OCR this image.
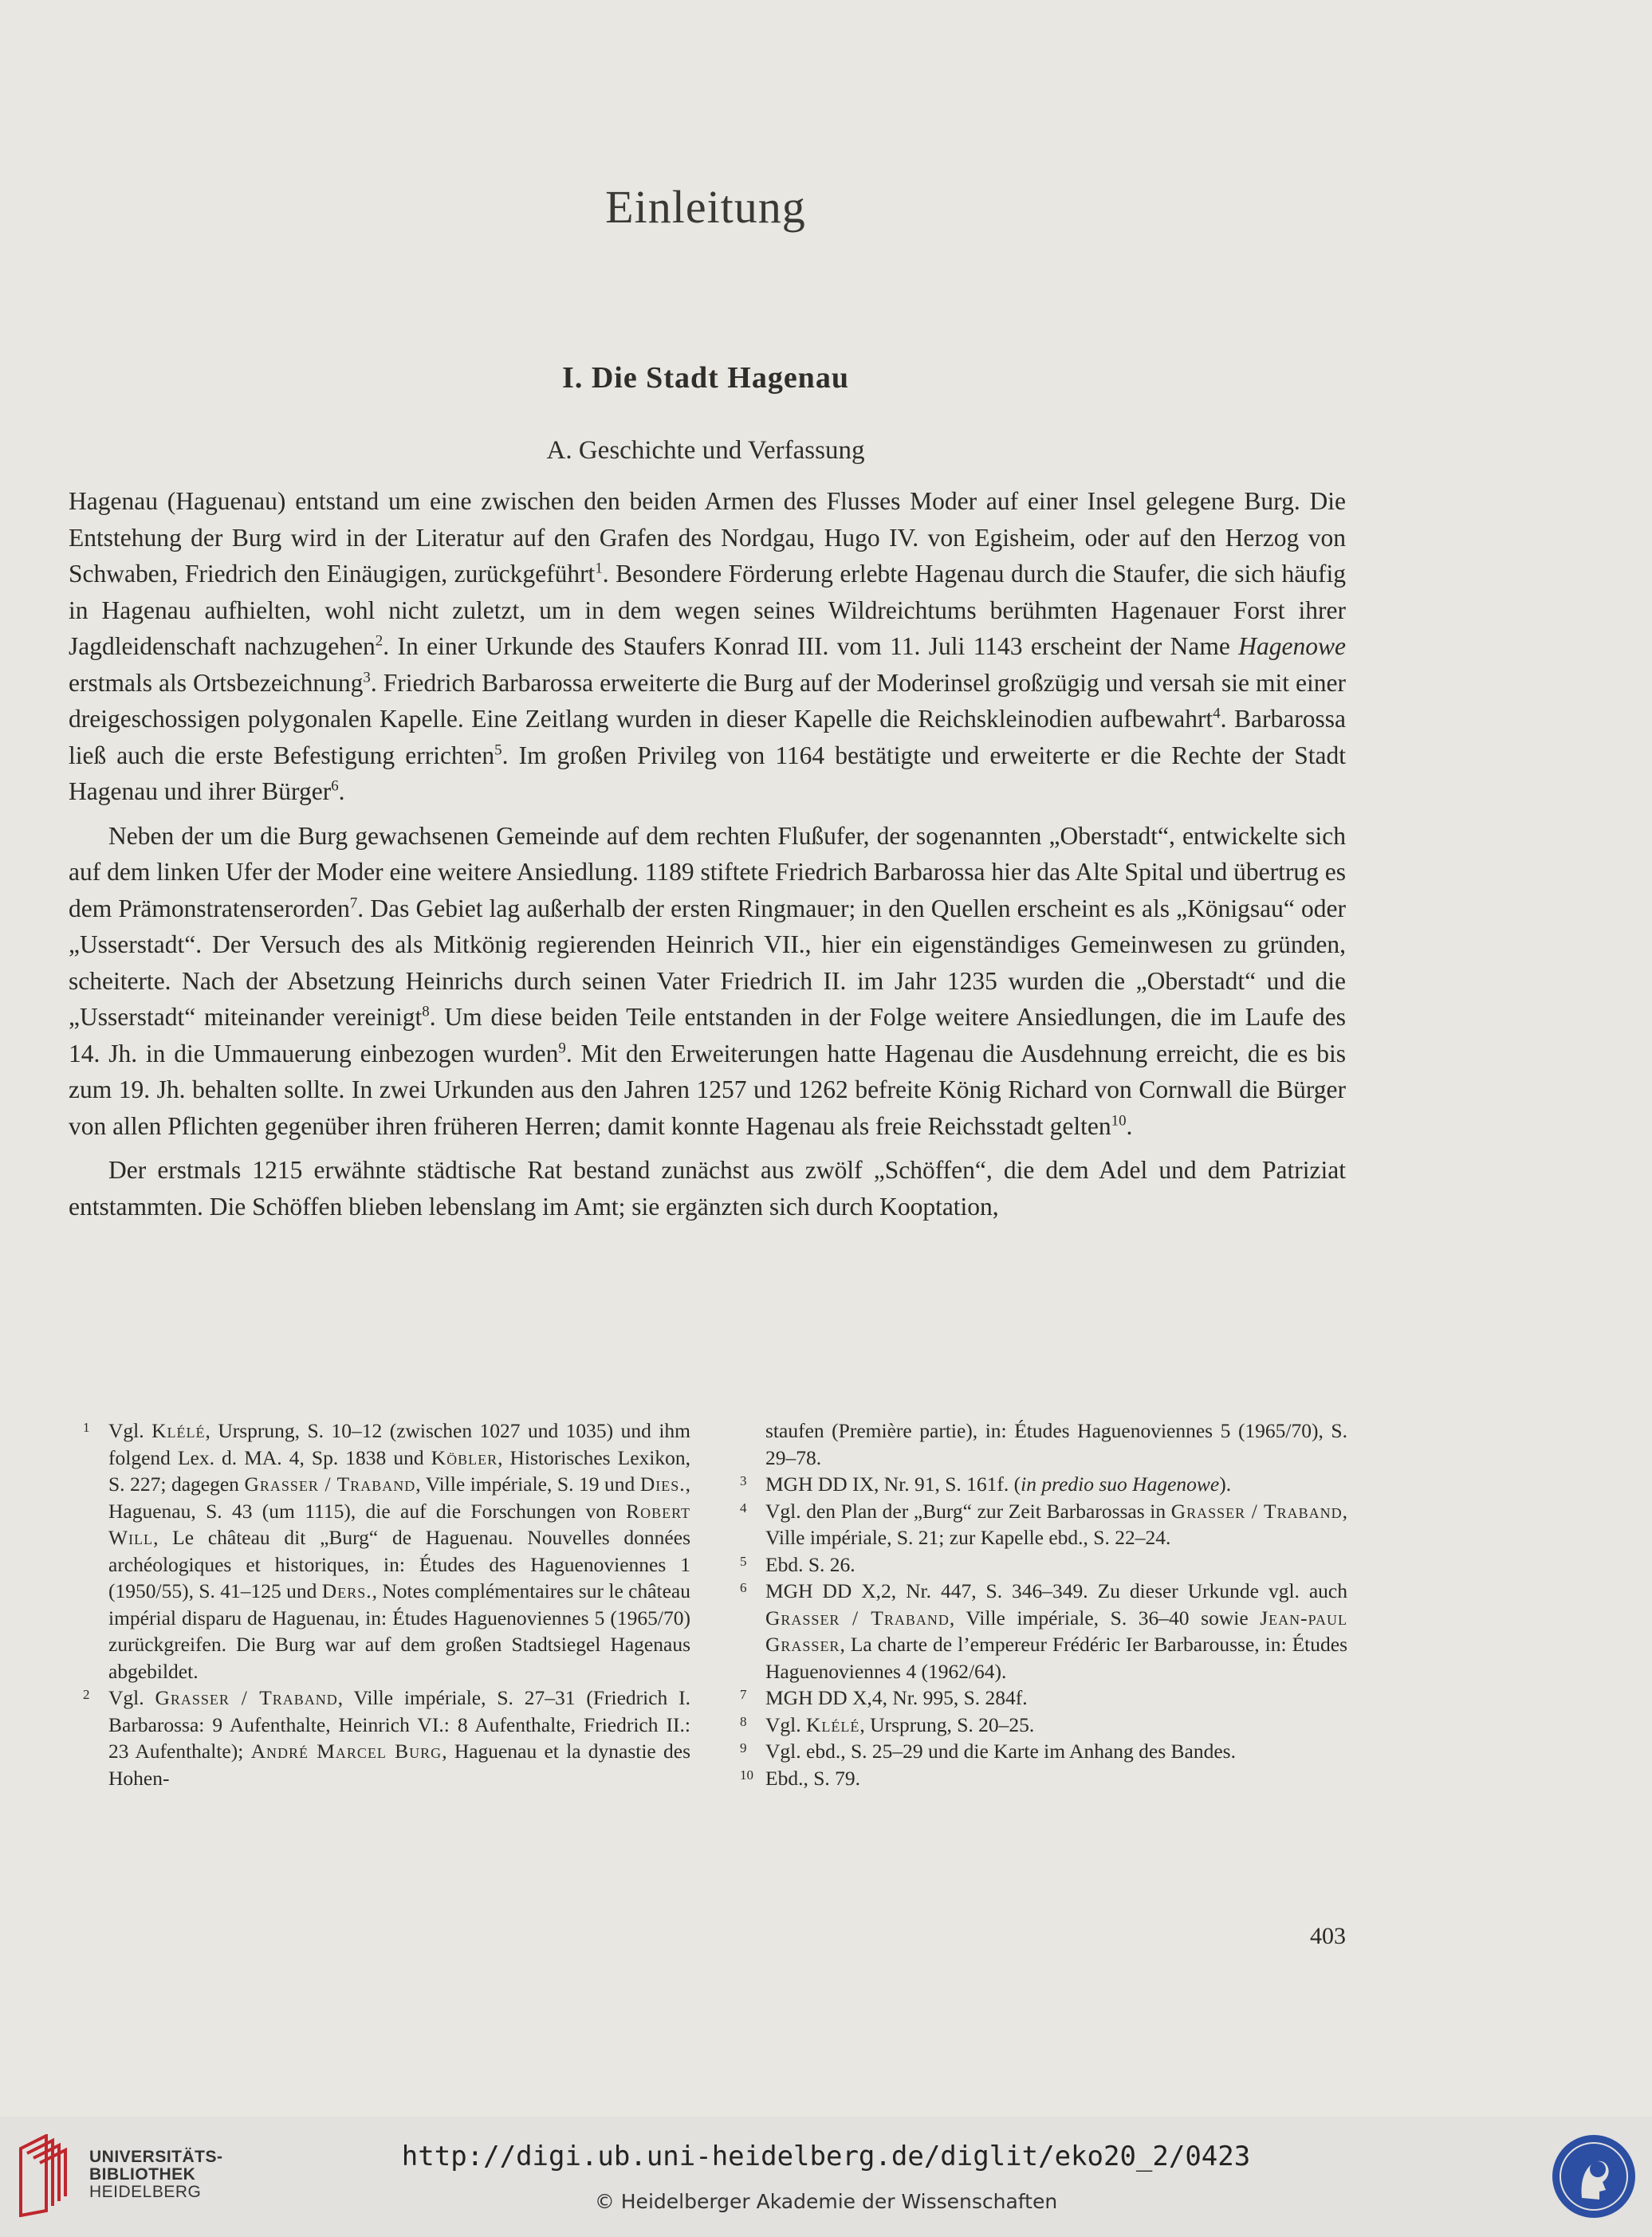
Einleitung
I. Die Stadt Hagenau
A. Geschichte und Verfassung

Hagenau (Haguenau) entstand um eine zwischen den beiden Armen des Flusses Moder auf einer Insel gelegene Burg. Die Entstehung der Burg wird in der Literatur auf den Grafen des Nordgau, Hugo IV. von Egisheim, oder auf den Herzog von Schwaben, Friedrich den Einäugigen, zurückgeführt$^1$. Besondere Förderung erlebte Hagenau durch die Staufer, die sich häufig in Hagenau aufhielten, wohl nicht zuletzt, um in dem wegen seines Wildreichtums berühmten Hagenauer Forst ihrer Jagdleidenschaft nachzugehen$^2$. In einer Urkunde des Staufers Konrad III. vom 11. Juli 1143 erscheint der Name Hagenowe erstmals als Ortsbezeichnung$^3$. Friedrich Barbarossa erweiterte die Burg auf der Moderinsel großzügig und versah sie mit einer dreigeschossigen polygonalen Kapelle. Eine Zeitlang wurden in dieser Kapelle die Reichskleinodien aufbewahrt$^4$. Barbarossa ließ auch die erste Befestigung errichten$^5$. Im großen Privileg von 1164 bestätigte und erweiterte er die Rechte der Stadt Hagenau und ihrer Bürger$^6$.

Neben der um die Burg gewachsenen Gemeinde auf dem rechten Flußufer, der sogenannten „Oberstadt“, entwickelte sich auf dem linken Ufer der Moder eine weitere Ansiedlung. 1189 stiftete Friedrich Barbarossa hier das Alte Spital und übertrug es dem Prämonstratenserorden$^7$. Das Gebiet lag außerhalb der ersten Ringmauer; in den Quellen erscheint es als „Königsau“ oder „Usserstadt“. Der Versuch des als Mitkönig regierenden Heinrich VII., hier ein eigenständiges Gemeinwesen zu gründen, scheiterte. Nach der Absetzung Heinrichs durch seinen Vater Friedrich II. im Jahr 1235 wurden die „Oberstadt“ und die „Usserstadt“ miteinander vereinigt$^8$. Um diese beiden Teile entstanden in der Folge weitere Ansiedlungen, die im Laufe des 14. Jh. in die Ummauerung einbezogen wurden$^9$. Mit den Erweiterungen hatte Hagenau die Ausdehnung erreicht, die es bis zum 19. Jh. behalten sollte. In zwei Urkunden aus den Jahren 1257 und 1262 befreite König Richard von Cornwall die Bürger von allen Pflichten gegenüber ihren früheren Herren; damit konnte Hagenau als freie Reichsstadt gelten$^{10}$.

Der erstmals 1215 erwähnte städtische Rat bestand zunächst aus zwölf „Schöffen“, die dem Adel und dem Patriziat entstammten. Die Schöffen blieben lebenslang im Amt; sie ergänzten sich durch Kooptation,

1 Vgl. Klélé, Ursprung, S. 10–12 (zwischen 1027 und 1035) und ihm folgend Lex. d. MA. 4, Sp. 1838 und Köbler, Historisches Lexikon, S. 227; dagegen Grasser / Traband, Ville impériale, S. 19 und Dies., Haguenau, S. 43 (um 1115), die auf die Forschungen von Robert Will, Le château dit „Burg“ de Haguenau. Nouvelles données archéologiques et historiques, in: Études des Haguenoviennes 1 (1950/55), S. 41–125 und Ders., Notes complémentaires sur le château impérial disparu de Haguenau, in: Études Haguenoviennes 5 (1965/70) zurückgreifen. Die Burg war auf dem großen Stadtsiegel Hagenaus abgebildet.
2 Vgl. Grasser / Traband, Ville impériale, S. 27–31 (Friedrich I. Barbarossa: 9 Aufenthalte, Heinrich VI.: 8 Aufenthalte, Friedrich II.: 23 Aufenthalte); André Marcel Burg, Haguenau et la dynastie des Hohen-
staufen (Première partie), in: Études Haguenoviennes 5 (1965/70), S. 29–78.
3 MGH DD IX, Nr. 91, S. 161f. (in predio suo Hagenowe).
4 Vgl. den Plan der „Burg“ zur Zeit Barbarossas in Grasser / Traband, Ville impériale, S. 21; zur Kapelle ebd., S. 22–24.
5 Ebd. S. 26.
6 MGH DD X,2, Nr. 447, S. 346–349. Zu dieser Urkunde vgl. auch Grasser / Traband, Ville impériale, S. 36–40 sowie Jean-paul Grasser, La charte de l’empereur Frédéric Ier Barbarousse, in: Études Haguenoviennes 4 (1962/64).
7 MGH DD X,4, Nr. 995, S. 284f.
8 Vgl. Klélé, Ursprung, S. 20–25.
9 Vgl. ebd., S. 25–29 und die Karte im Anhang des Bandes.
10 Ebd., S. 79.
403
UNIVERSITÄTS-
BIBLIOTHEK
HEIDELBERG
http://digi.ub.uni-heidelberg.de/diglit/eko20_2/0423
© Heidelberger Akademie der Wissenschaften
